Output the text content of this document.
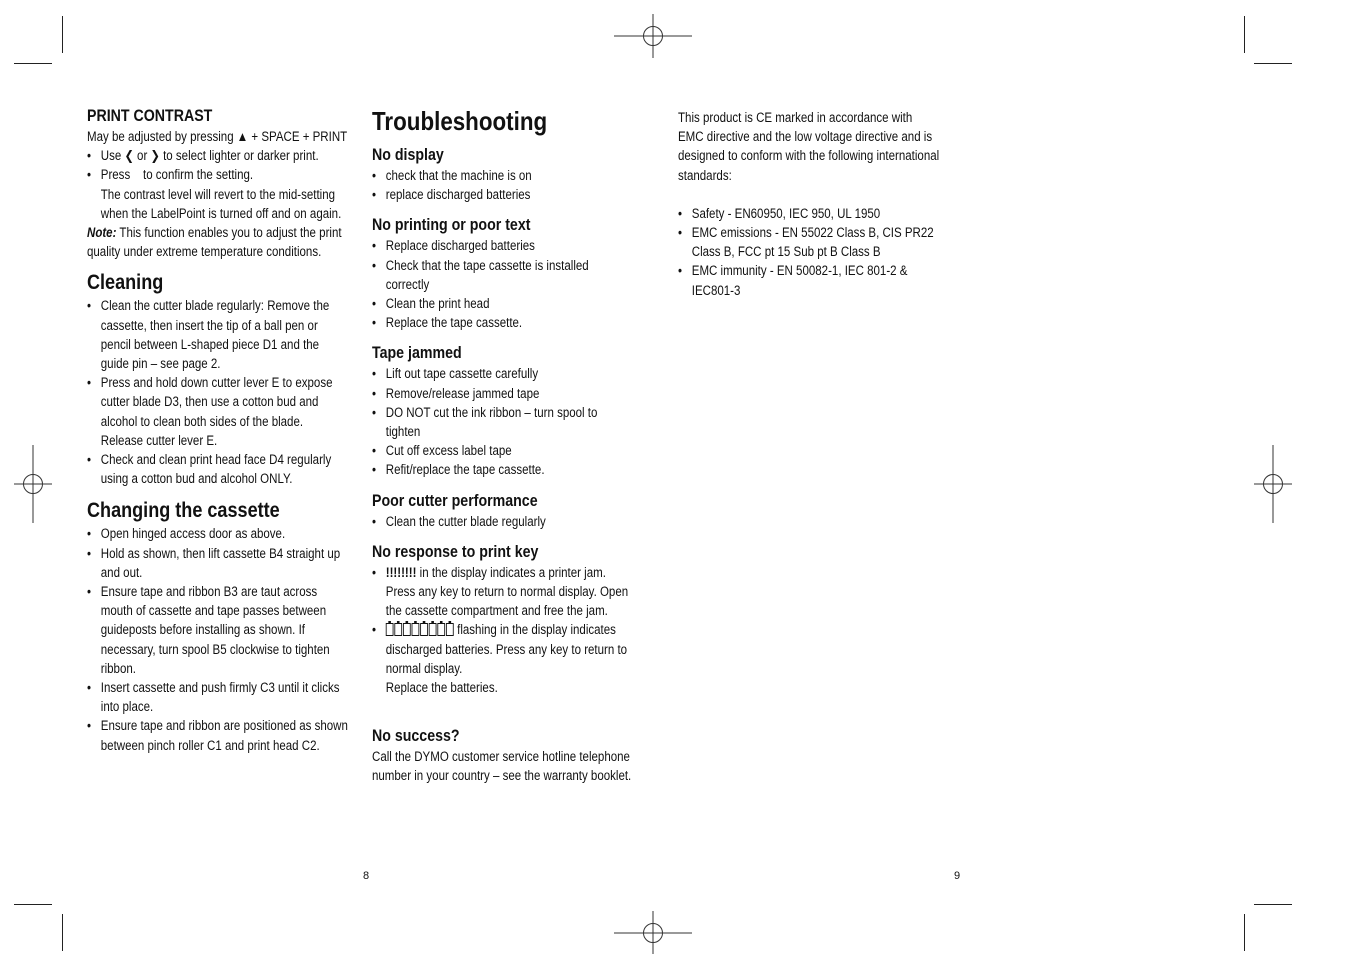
PRINT CONTRAST

May be adjusted by pressing ▲ + SPACE + PRINT

• Use ❮ or ❯ to select lighter or darker print.
• Press    to confirm the setting.
The contrast level will revert to the mid-setting when the LabelPoint is turned off and on again.

Note: This function enables you to adjust the print quality under extreme temperature conditions.

Cleaning
• Clean the cutter blade regularly: Remove the cassette, then insert the tip of a ball pen or pencil between L-shaped piece D1 and the guide pin – see page 2.
• Press and hold down cutter lever E to expose cutter blade D3, then use a cotton bud and alcohol to clean both sides of the blade. Release cutter lever E.
• Check and clean print head face D4 regularly using a cotton bud and alcohol ONLY.
Changing the cassette
• Open hinged access door as above.
• Hold as shown, then lift cassette B4 straight up and out.
• Ensure tape and ribbon B3 are taut across mouth of cassette and tape passes between guideposts before installing as shown. If necessary, turn spool B5 clockwise to tighten ribbon.
• Insert cassette and push firmly C3 until it clicks into place.
• Ensure tape and ribbon are positioned as shown between pinch roller C1 and print head C2.
Troubleshooting
No display
• check that the machine is on
• replace discharged batteries
No printing or poor text
• Replace discharged batteries
• Check that the tape cassette is installed correctly
• Clean the print head
• Replace the tape cassette.
Tape jammed
• Lift out tape cassette carefully
• Remove/release jammed tape
• DO NOT cut the ink ribbon – turn spool to tighten
• Cut off excess label tape
• Refit/replace the tape cassette.
Poor cutter performance
• Clean the cutter blade regularly
No response to print key
• !!!!!!!! in the display indicates a printer jam. Press any key to return to normal display. Open the cassette compartment and free the jam.
• flashing in the display indicates discharged batteries. Press any key to return to normal display.
Replace the batteries.
No success?

Call the DYMO customer service hotline telephone number in your country – see the warranty booklet.

This product is CE marked in accordance with EMC directive and the low voltage directive and is designed to conform with the following international standards:

• Safety - EN60950, IEC 950, UL 1950
• EMC emissions - EN 55022 Class B, CIS PR22 Class B, FCC pt 15 Sub pt B Class B
• EMC immunity - EN 50082-1, IEC 801-2 & IEC801-3
8	9
